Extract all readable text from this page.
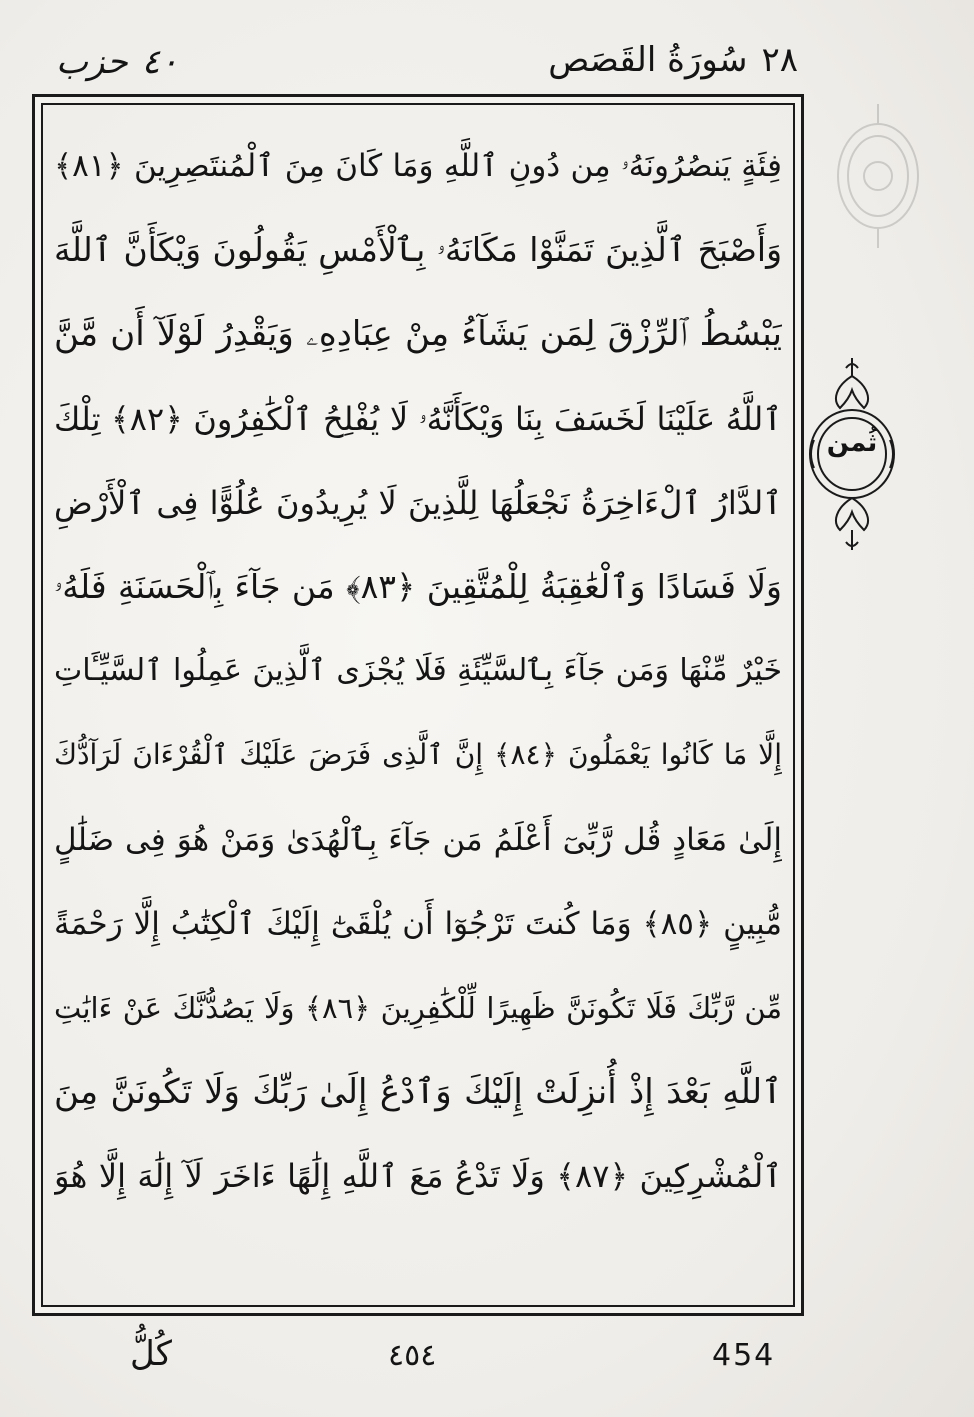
٤٠حزب	٢٨سُورَةُ القَصَص
فِئَةٍ يَنصُرُونَهُۥ مِن دُونِ ٱللَّهِ وَمَا كَانَ مِنَ ٱلْمُنتَصِرِينَ ﴿٨١﴾
وَأَصْبَحَ ٱلَّذِينَ تَمَنَّوْا مَكَانَهُۥ بِٱلْأَمْسِ يَقُولُونَ وَيْكَأَنَّ ٱللَّهَ
يَبْسُطُ ٱلرِّزْقَ لِمَن يَشَآءُ مِنْ عِبَادِهِۦ وَيَقْدِرُ لَوْلَآ أَن مَّنَّ
ٱللَّهُ عَلَيْنَا لَخَسَفَ بِنَا وَيْكَأَنَّهُۥ لَا يُفْلِحُ ٱلْكَٰفِرُونَ ﴿٨٢﴾ تِلْكَ
ٱلدَّارُ ٱلْءَاخِرَةُ نَجْعَلُهَا لِلَّذِينَ لَا يُرِيدُونَ عُلُوًّا فِى ٱلْأَرْضِ
وَلَا فَسَادًا وَٱلْعَٰقِبَةُ لِلْمُتَّقِينَ ﴿٨٣﴾ مَن جَآءَ بِٱلْحَسَنَةِ فَلَهُۥ
خَيْرٌ مِّنْهَا وَمَن جَآءَ بِٱلسَّيِّئَةِ فَلَا يُجْزَى ٱلَّذِينَ عَمِلُوا ٱلسَّيِّـَٔاتِ
إِلَّا مَا كَانُوا يَعْمَلُونَ ﴿٨٤﴾ إِنَّ ٱلَّذِى فَرَضَ عَلَيْكَ ٱلْقُرْءَانَ لَرَآدُّكَ
إِلَىٰ مَعَادٍ قُل رَّبِّىٓ أَعْلَمُ مَن جَآءَ بِٱلْهُدَىٰ وَمَنْ هُوَ فِى ضَلَٰلٍ
مُّبِينٍ ﴿٨٥﴾ وَمَا كُنتَ تَرْجُوٓا أَن يُلْقَىٰٓ إِلَيْكَ ٱلْكِتَٰبُ إِلَّا رَحْمَةً
مِّن رَّبِّكَ فَلَا تَكُونَنَّ ظَهِيرًا لِّلْكَٰفِرِينَ ﴿٨٦﴾ وَلَا يَصُدُّنَّكَ عَنْ ءَايَٰتِ
ٱللَّهِ بَعْدَ إِذْ أُنزِلَتْ إِلَيْكَ وَٱدْعُ إِلَىٰ رَبِّكَ وَلَا تَكُونَنَّ مِنَ
ٱلْمُشْرِكِينَ ﴿٨٧﴾ وَلَا تَدْعُ مَعَ ٱللَّهِ إِلَٰهًا ءَاخَرَ لَآ إِلَٰهَ إِلَّا هُوَ
ثُمن
كُلُّ	٤٥٤	454
